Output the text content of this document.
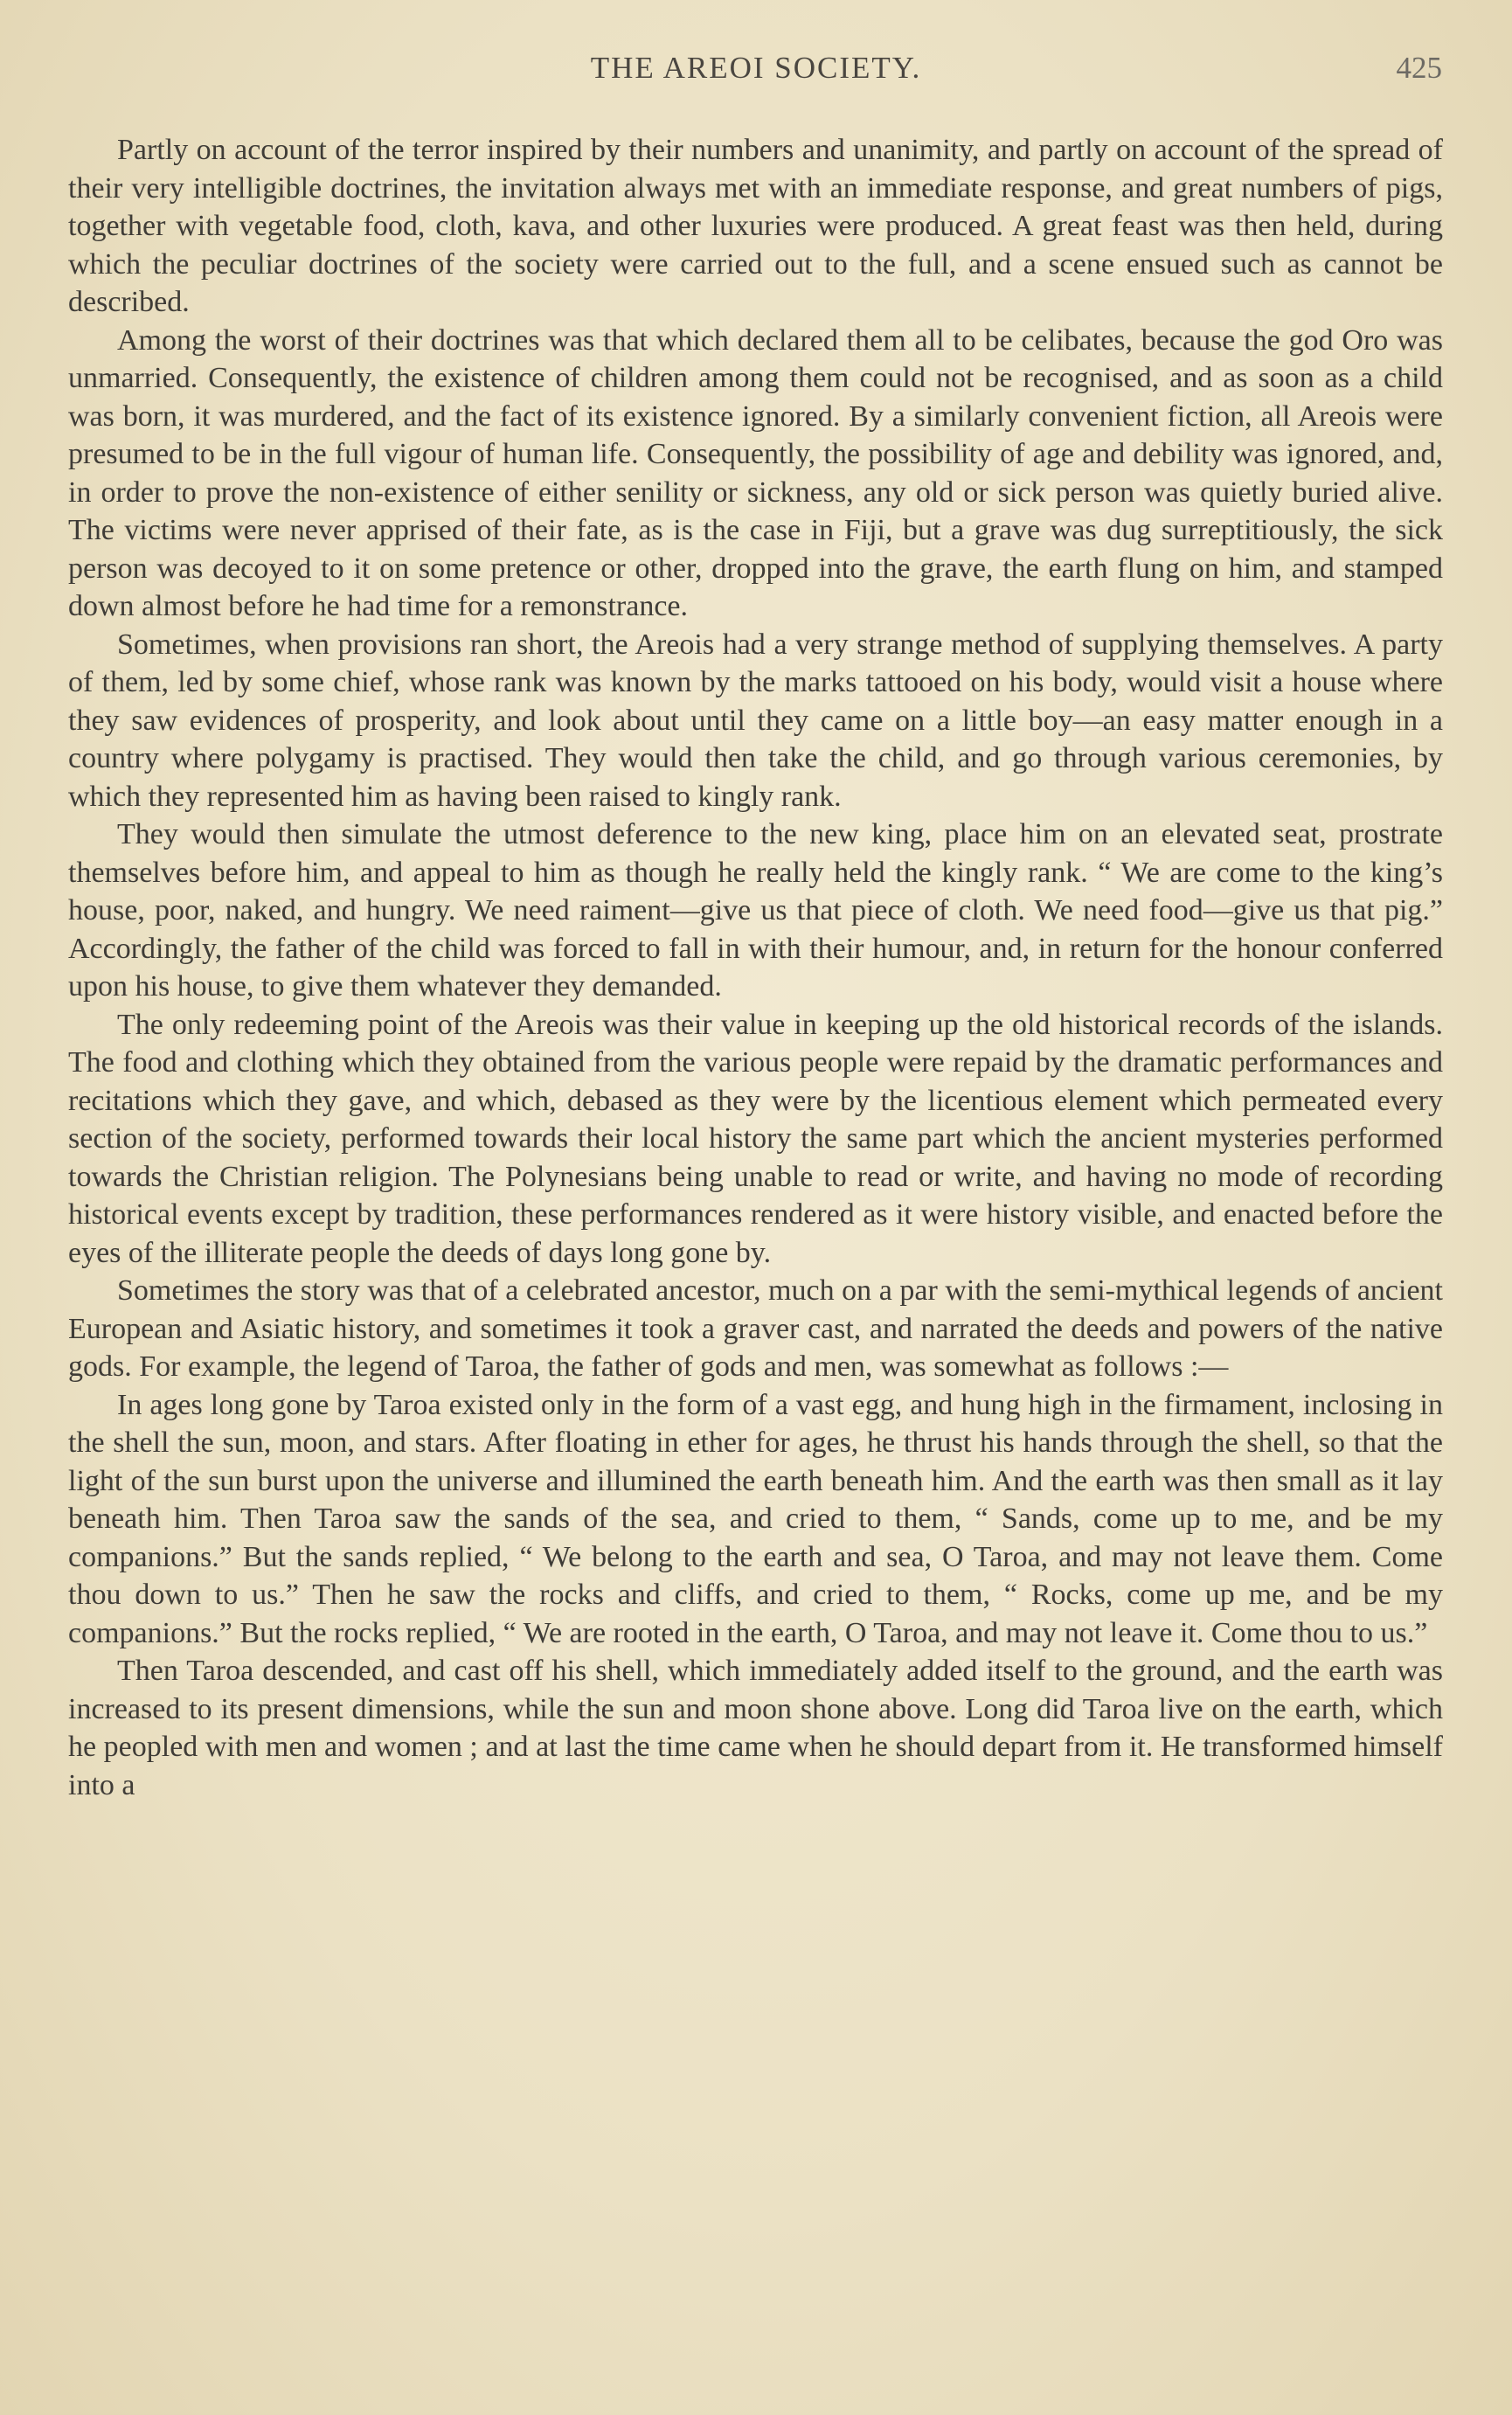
THE AREOI SOCIETY.	425

Partly on account of the terror inspired by their numbers and unanimity, and partly on account of the spread of their very intelligible doctrines, the invitation always met with an immediate response, and great numbers of pigs, together with vegetable food, cloth, kava, and other luxuries were produced. A great feast was then held, during which the peculiar doctrines of the society were carried out to the full, and a scene ensued such as cannot be described.

Among the worst of their doctrines was that which declared them all to be celibates, because the god Oro was unmarried. Consequently, the existence of children among them could not be recognised, and as soon as a child was born, it was murdered, and the fact of its existence ignored. By a similarly convenient fiction, all Areois were presumed to be in the full vigour of human life. Consequently, the possibility of age and debility was ignored, and, in order to prove the non-existence of either senility or sickness, any old or sick person was quietly buried alive. The victims were never apprised of their fate, as is the case in Fiji, but a grave was dug surreptitiously, the sick person was decoyed to it on some pretence or other, dropped into the grave, the earth flung on him, and stamped down almost before he had time for a remonstrance.

Sometimes, when provisions ran short, the Areois had a very strange method of supplying themselves. A party of them, led by some chief, whose rank was known by the marks tattooed on his body, would visit a house where they saw evidences of prosperity, and look about until they came on a little boy—an easy matter enough in a country where polygamy is practised. They would then take the child, and go through various ceremonies, by which they represented him as having been raised to kingly rank.

They would then simulate the utmost deference to the new king, place him on an elevated seat, prostrate themselves before him, and appeal to him as though he really held the kingly rank. “ We are come to the king’s house, poor, naked, and hungry. We need raiment—give us that piece of cloth. We need food—give us that pig.” Accordingly, the father of the child was forced to fall in with their humour, and, in return for the honour conferred upon his house, to give them whatever they demanded.

The only redeeming point of the Areois was their value in keeping up the old historical records of the islands. The food and clothing which they obtained from the various people were repaid by the dramatic performances and recitations which they gave, and which, debased as they were by the licentious element which permeated every section of the society, performed towards their local history the same part which the ancient mysteries performed towards the Christian religion. The Polynesians being unable to read or write, and having no mode of recording historical events except by tradition, these performances rendered as it were history visible, and enacted before the eyes of the illiterate people the deeds of days long gone by.

Sometimes the story was that of a celebrated ancestor, much on a par with the semi-mythical legends of ancient European and Asiatic history, and sometimes it took a graver cast, and narrated the deeds and powers of the native gods. For example, the legend of Taroa, the father of gods and men, was somewhat as follows :—

In ages long gone by Taroa existed only in the form of a vast egg, and hung high in the firmament, inclosing in the shell the sun, moon, and stars. After floating in ether for ages, he thrust his hands through the shell, so that the light of the sun burst upon the universe and illumined the earth beneath him. And the earth was then small as it lay beneath him. Then Taroa saw the sands of the sea, and cried to them, “ Sands, come up to me, and be my companions.” But the sands replied, “ We belong to the earth and sea, O Taroa, and may not leave them. Come thou down to us.” Then he saw the rocks and cliffs, and cried to them, “ Rocks, come up me, and be my companions.” But the rocks replied, “ We are rooted in the earth, O Taroa, and may not leave it. Come thou to us.”

Then Taroa descended, and cast off his shell, which immediately added itself to the ground, and the earth was increased to its present dimensions, while the sun and moon shone above. Long did Taroa live on the earth, which he peopled with men and women ; and at last the time came when he should depart from it. He transformed himself into a
